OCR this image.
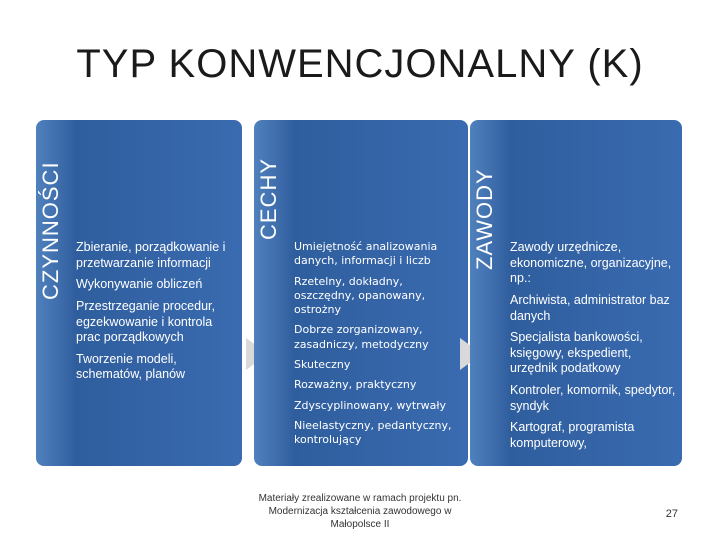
TYP KONWENCJONALNY (K)
CZYNNOŚCI	Zbieranie, porządkowanie i przetwarzanie informacji
Wykonywanie obliczeń
Przestrzeganie procedur, egzekwowanie i kontrola prac porządkowych
Tworzenie modeli, schematów, planów
CECHY
Umiejętność analizowania danych, informacji i liczb
Rzetelny, dokładny, oszczędny, opanowany, ostrożny
Dobrze zorganizowany, zasadniczy, metodyczny
Skuteczny
Rozważny, praktyczny
Zdyscyplinowany, wytrwały
Nieelastyczny, pedantyczny, kontrolujący
ZAWODY	Zawody urzędnicze, ekonomiczne, organizacyjne, np.:
Archiwista, administrator baz danych
Specjalista bankowości, księgowy, ekspedient, urzędnik podatkowy
Kontroler, komornik, spedytor, syndyk
Kartograf, programista komputerowy,
Materiały zrealizowane w ramach projektu pn. Modernizacja kształcenia zawodowego w Małopolsce II
27
